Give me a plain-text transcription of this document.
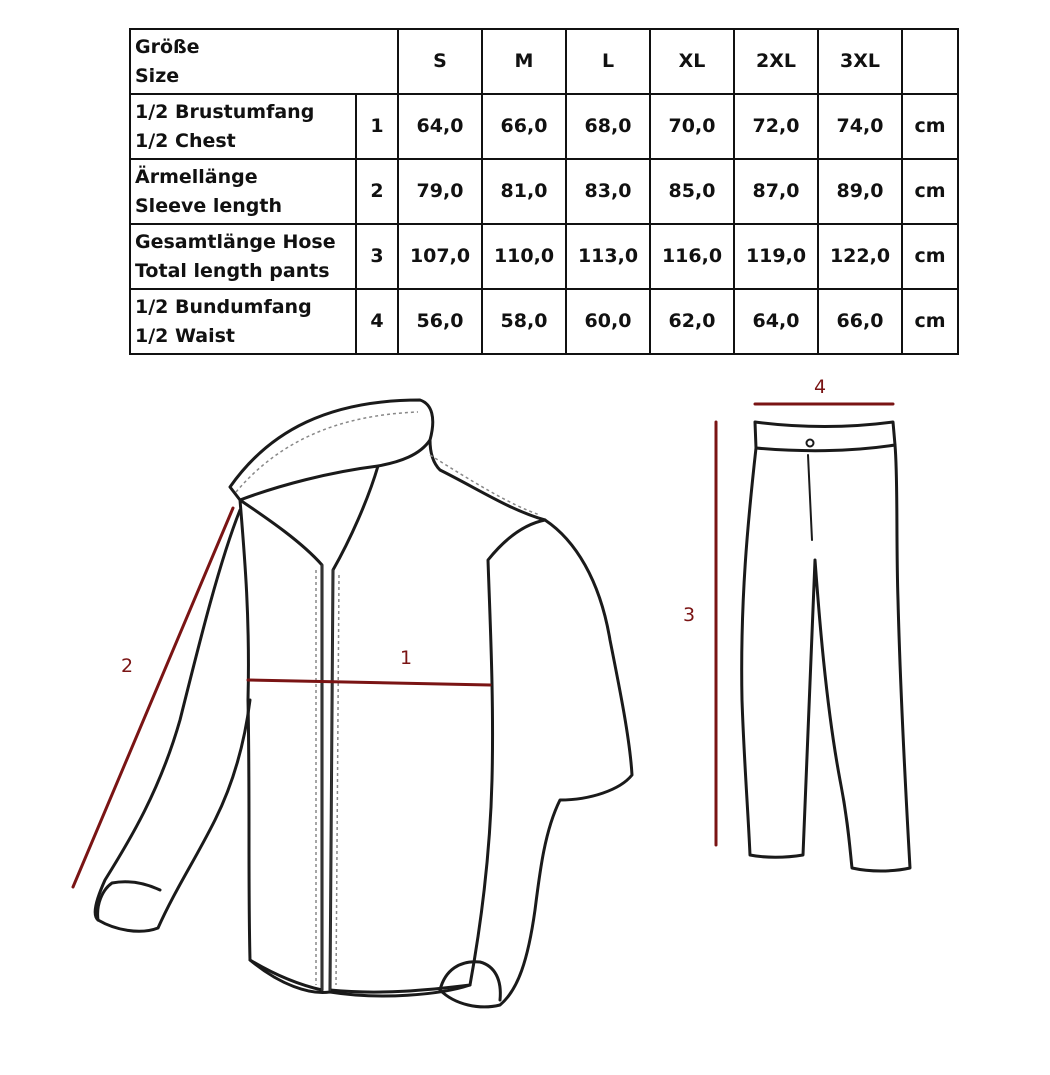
Größe
Size		S	M	L	XL	2XL	3XL	

1/2 Brustumfang
1/2 Chest	1	64,0	66,0	68,0	70,0	72,0	74,0	cm

Ärmellänge
Sleeve length	2	79,0	81,0	83,0	85,0	87,0	89,0	cm

Gesamtlänge Hose
Total length pants	3	107,0	110,0	113,0	116,0	119,0	122,0	cm

1/2 Bundumfang
1/2 Waist	4	56,0	58,0	60,0	62,0	64,0	66,0	cm
1
2
3
4
